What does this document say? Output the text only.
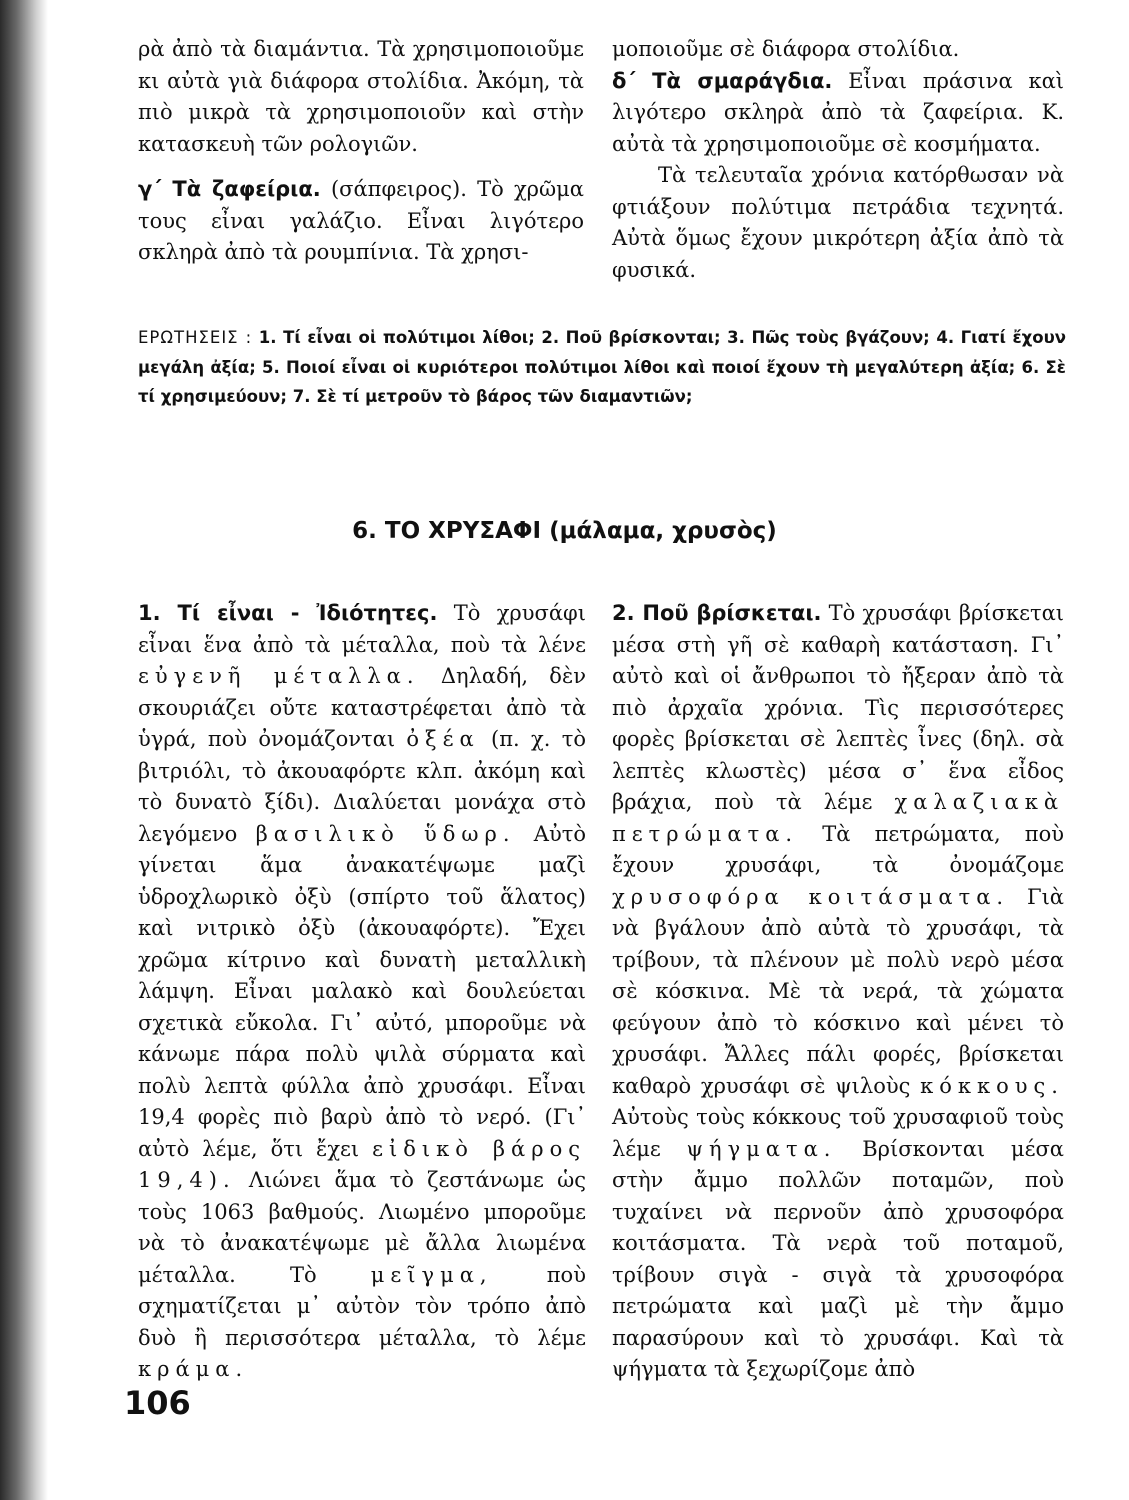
ρὰ ἀπὸ τὰ διαμάντια. Τὰ χρησιμοποιοῦμε κι αὐτὰ γιὰ διάφορα στολίδια. Ἀκόμη, τὰ πιὸ μικρὰ τὰ χρησιμοποιοῦν καὶ στὴν κατασκευὴ τῶν ρολογιῶν.

γ΄ Τὰ ζαφείρια. (σάπφειρος). Τὸ χρῶμα τους εἶναι γαλάζιο. Εἶναι λιγότερο σκληρὰ ἀπὸ τὰ ρουμπίνια. Τὰ χρησι-

μοποιοῦμε σὲ διάφορα στολίδια.

δ΄ Τὰ σμαράγδια. Εἶναι πράσινα καὶ λιγότερο σκληρὰ ἀπὸ τὰ ζαφείρια. Κ. αὐτὰ τὰ χρησιμοποιοῦμε σὲ κοσμήματα.

Τὰ τελευταῖα χρόνια κατόρθωσαν νὰ φτιάξουν πολύτιμα πετράδια τεχνητά. Αὐτὰ ὅμως ἔχουν μικρότερη ἀξία ἀπὸ τὰ φυσικά.

ΕΡΩΤΗΣΕΙΣ : 1. Τί εἶναι οἱ πολύτιμοι λίθοι; 2. Ποῦ βρίσκονται; 3. Πῶς τοὺς βγάζουν; 4. Γιατί ἔχουν μεγάλη ἀξία; 5. Ποιοί εἶναι οἱ κυριότεροι πολύτιμοι λίθοι καὶ ποιοί ἔχουν τὴ μεγαλύτερη ἀξία; 6. Σὲ τί χρησιμεύουν; 7. Σὲ τί μετροῦν τὸ βάρος τῶν διαμαντιῶν;
6. ΤΟ ΧΡΥΣΑΦΙ (μάλαμα, χρυσὸς)

1. Τί εἶναι - Ἰδιότητες. Τὸ χρυσάφι εἶναι ἕνα ἀπὸ τὰ μέταλλα, ποὺ τὰ λένε εὐγενῆ μέταλλα. Δηλαδή, δὲν σκουριάζει οὔτε καταστρέφεται ἀπὸ τὰ ὑγρά, ποὺ ὀνομάζονται ὀξέα (π. χ. τὸ βιτριόλι, τὸ ἀκουαφόρτε κλπ. ἀκόμη καὶ τὸ δυνατὸ ξίδι). Διαλύεται μονάχα στὸ λεγόμενο βασιλικὸ ὕδωρ. Αὐτὸ γίνεται ἅμα ἀνακατέψωμε μαζὶ ὑδροχλωρικὸ ὀξὺ (σπίρτο τοῦ ἅλατος) καὶ νιτρικὸ ὀξὺ (ἀκουαφόρτε). Ἔχει χρῶμα κίτρινο καὶ δυνατὴ μεταλλικὴ λάμψη. Εἶναι μαλακὸ καὶ δουλεύεται σχετικὰ εὔκολα. Γι᾽ αὐτό, μποροῦμε νὰ κάνωμε πάρα πολὺ ψιλὰ σύρματα καὶ πολὺ λεπτὰ φύλλα ἀπὸ χρυσάφι. Εἶναι 19,4 φορὲς πιὸ βαρὺ ἀπὸ τὸ νερό. (Γι᾽ αὐτὸ λέμε, ὅτι ἔχει εἰδικὸ βάρος 19,4). Λιώνει ἅμα τὸ ζεστάνωμε ὡς τοὺς 1063 βαθμούς. Λιωμένο μποροῦμε νὰ τὸ ἀνακατέψωμε μὲ ἄλλα λιωμένα μέταλλα. Τὸ	μεῖγμα,	ποὺ σχηματίζεται μ᾽ αὐτὸν τὸν τρόπο ἀπὸ δυὸ ἢ περισσότερα μέταλλα, τὸ λέμε κράμα.

2. Ποῦ βρίσκεται. Τὸ χρυσάφι βρίσκεται μέσα στὴ γῆ σὲ καθαρὴ κατάσταση. Γι᾽ αὐτὸ καὶ οἱ ἄνθρωποι τὸ ἤξεραν ἀπὸ τὰ πιὸ ἀρχαῖα χρόνια. Τὶς περισσότερες φορὲς βρίσκεται σὲ λεπτὲς ἶνες (δηλ. σὰ λεπτὲς κλωστὲς) μέσα σ᾽ ἕνα εἶδος βράχια, ποὺ τὰ λέμε χαλαζιακὰ πετρώματα. Τὰ πετρώματα, ποὺ ἔχουν χρυσάφι, τὰ ὀνομάζομε χρυσοφόρα κοιτάσματα. Γιὰ νὰ βγάλουν ἀπὸ αὐτὰ τὸ χρυσάφι, τὰ τρίβουν, τὰ πλένουν μὲ πολὺ νερὸ μέσα σὲ κόσκινα. Μὲ τὰ νερά, τὰ χώματα φεύγουν ἀπὸ τὸ κόσκινο καὶ μένει τὸ χρυσάφι. Ἄλλες πάλι φορές, βρίσκεται καθαρὸ χρυσάφι σὲ ψιλοὺς κόκκους. Αὐτοὺς τοὺς κόκκους τοῦ χρυσαφιοῦ τοὺς λέμε ψήγματα. Βρίσκονται μέσα στὴν ἄμμο πολλῶν ποταμῶν, ποὺ τυχαίνει νὰ περνοῦν ἀπὸ χρυσοφόρα κοιτάσματα. Τὰ νερὰ τοῦ ποταμοῦ, τρίβουν σιγὰ - σιγὰ τὰ χρυσοφόρα πετρώματα καὶ μαζὶ μὲ τὴν ἄμμο παρασύρουν καὶ τὸ χρυσάφι. Καὶ τὰ ψήγματα τὰ ξεχωρίζομε ἀπὸ

106
